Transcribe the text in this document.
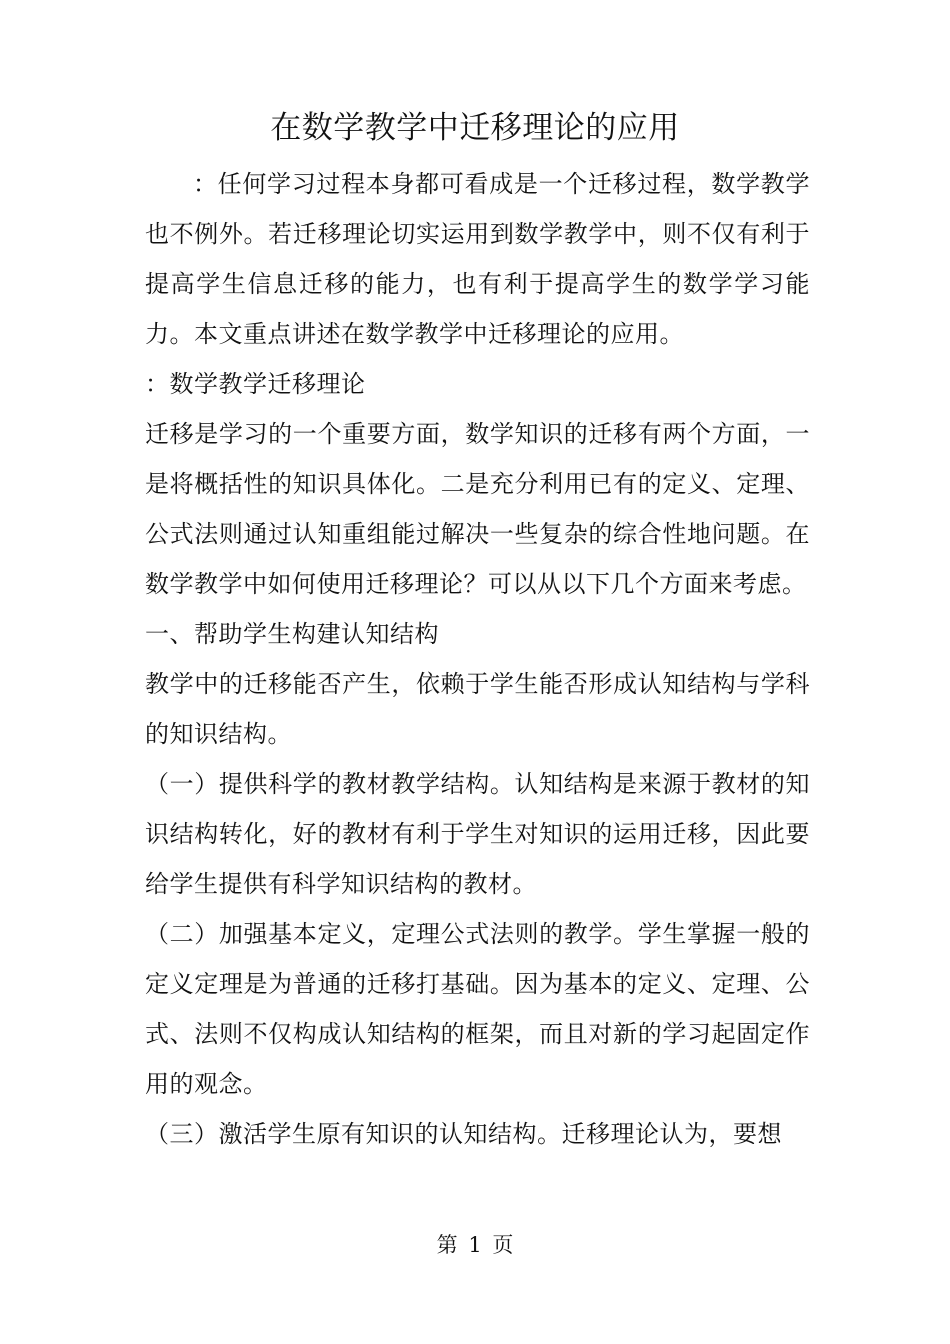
在数学教学中迁移理论的应用

：任何学习过程本身都可看成是一个迁移过程，数学教学也不例外。若迁移理论切实运用到数学教学中，则不仅有利于提高学生信息迁移的能力，也有利于提高学生的数学学习能力。本文重点讲述在数学教学中迁移理论的应用。

：数学教学迁移理论

迁移是学习的一个重要方面，数学知识的迁移有两个方面，一是将概括性的知识具体化。二是充分利用已有的定义、定理、公式法则通过认知重组能过解决一些复杂的综合性地问题。在数学教学中如何使用迁移理论？可以从以下几个方面来考虑。

一、帮助学生构建认知结构

教学中的迁移能否产生，依赖于学生能否形成认知结构与学科的知识结构。

（一）提供科学的教材教学结构。认知结构是来源于教材的知识结构转化，好的教材有利于学生对知识的运用迁移，因此要给学生提供有科学知识结构的教材。

（二）加强基本定义，定理公式法则的教学。学生掌握一般的定义定理是为普通的迁移打基础。因为基本的定义、定理、公式、法则不仅构成认知结构的框架，而且对新的学习起固定作用的观念。

（三）激活学生原有知识的认知结构。迁移理论认为，要想

第 1 页
